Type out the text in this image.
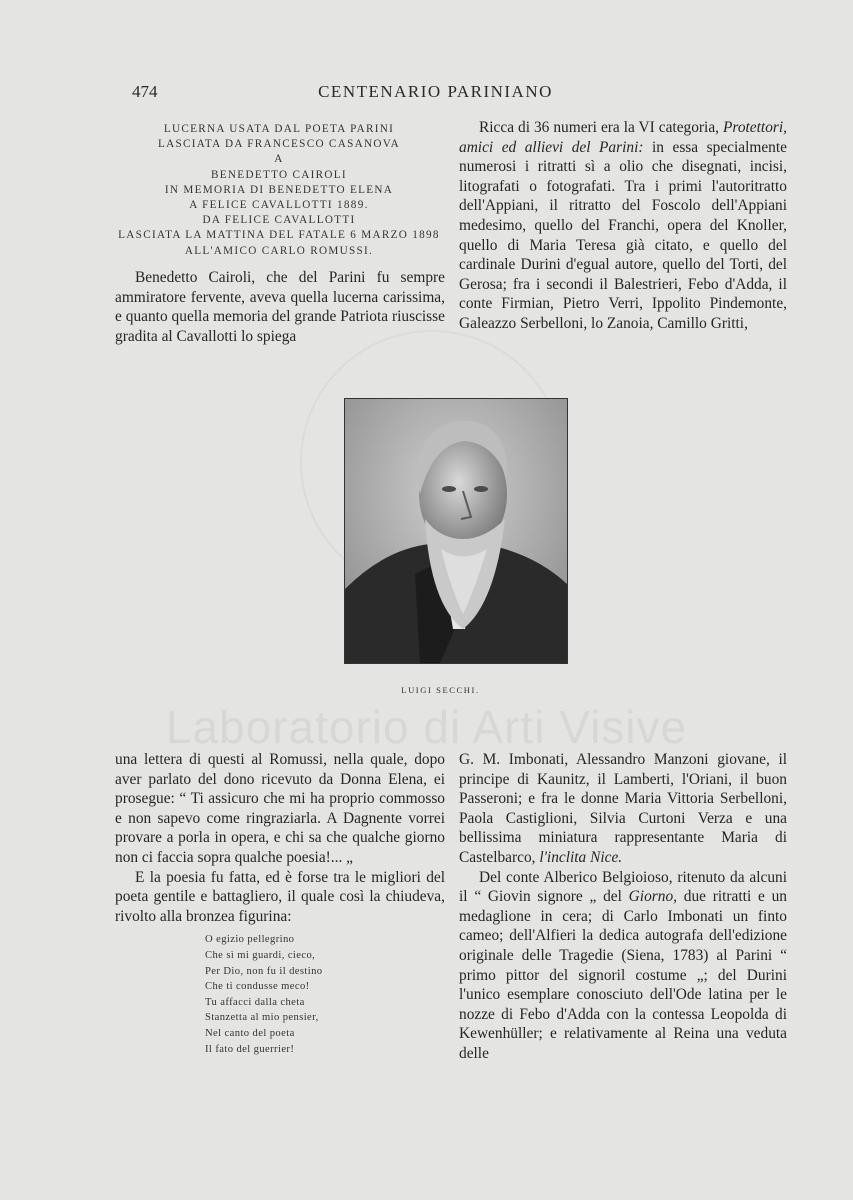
Laboratorio di Arti Visive
474	CENTENARIO PARINIANO
LUCERNA USATA DAL POETA PARINI
LASCIATA DA FRANCESCO CASANOVA
A
BENEDETTO CAIROLI
IN MEMORIA DI BENEDETTO ELENA
A FELICE CAVALLOTTI 1889.
DA FELICE CAVALLOTTI
LASCIATA LA MATTINA DEL FATALE 6 MARZO 1898
ALL'AMICO CARLO ROMUSSI.

Benedetto Cairoli, che del Parini fu sempre ammiratore fervente, aveva quella lucerna carissima, e quanto quella memoria del grande Patriota riuscisse gradita al Cavallotti lo spiega

Ricca di 36 numeri era la VI categoria, Protettori, amici ed allievi del Parini: in essa specialmente numerosi i ritratti sì a olio che disegnati, incisi, litografati o fotografati. Tra i primi l'autoritratto dell'Appiani, il ritratto del Foscolo dell'Appiani medesimo, quello del Franchi, opera del Knoller, quello di Maria Teresa già citato, e quello del cardinale Durini d'egual autore, quello del Torti, del Gerosa; fra i secondi il Balestrieri, Febo d'Adda, il conte Firmian, Pietro Verri, Ippolito Pindemonte, Galeazzo Serbelloni, lo Zanoia, Camillo Gritti,

LUIGI SECCHI.

una lettera di questi al Romussi, nella quale, dopo aver parlato del dono ricevuto da Donna Elena, ei prosegue: “ Ti assicuro che mi ha proprio commosso e non sapevo come ringraziarla. A Dagnente vorrei provare a porla in opera, e chi sa che qualche giorno non ci faccia sopra qualche poesia!... „

E la poesia fu fatta, ed è forse tra le migliori del poeta gentile e battagliero, il quale così la chiudeva, rivolto alla bronzea figurina:

O egizio pellegrino
Che sì mi guardi, cieco,
Per Dio, non fu il destino
Che ti condusse meco!
Tu affacci dalla cheta
Stanzetta al mio pensier,
Nel canto del poeta
Il fato del guerrier!

G. M. Imbonati, Alessandro Manzoni giovane, il principe di Kaunitz, il Lamberti, l'Oriani, il buon Passeroni; e fra le donne Maria Vittoria Serbelloni, Paola Castiglioni, Silvia Curtoni Verza e una bellissima miniatura rappresentante Maria di Castelbarco, l'inclita Nice.

Del conte Alberico Belgioioso, ritenuto da alcuni il “ Giovin signore „ del Giorno, due ritratti e un medaglione in cera; di Carlo Imbonati un finto cameo; dell'Alfieri la dedica autografa dell'edizione originale delle Tragedie (Siena, 1783) al Parini “ primo pittor del signoril costume „; del Durini l'unico esemplare conosciuto dell'Ode latina per le nozze di Febo d'Adda con la contessa Leopolda di Kewenhüller; e relativamente al Reina una veduta delle
